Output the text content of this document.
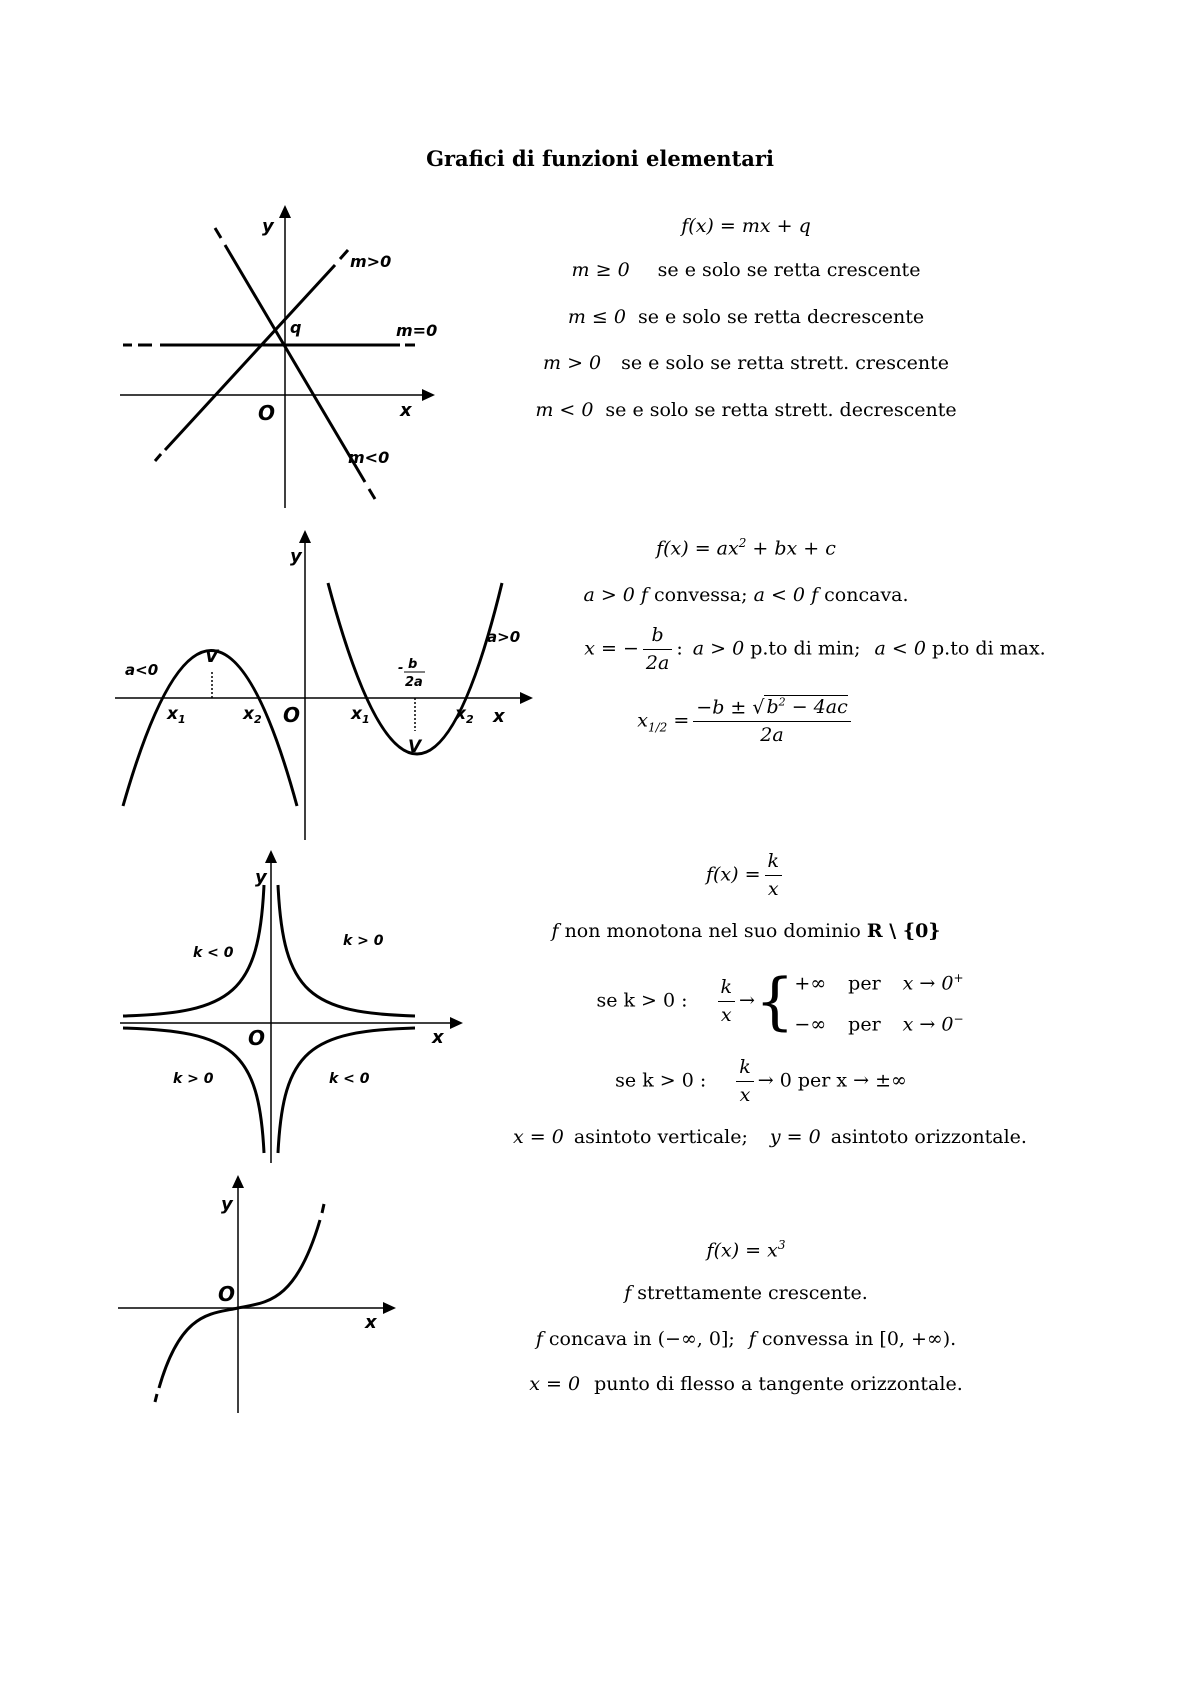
Grafici di funzioni elementari
y
x
O
q
m>0
m=0
m<0
f(x) = mx + q
m ≥ 0 se e solo se retta crescente
m ≤ 0 se e solo se retta decrescente
m > 0 se e solo se retta strett. crescente
m < 0 se e solo se retta strett. decrescente
y
x
O
a<0
a>0
V
V
$x_1$	$x_2$	$x_1$	$x_2$
- b
2a
$f(x) = ax^2$ + bx + c
a > 0 f convessa; a < 0 f concava.
x = − $\frac{b}{2a}$ : a > 0 p.to di min; a < 0 p.to di max.
$x_{1/2} = \frac{-b \pm √ b^2 - 4ac}{2a}$
y
x
O
k < 0
k > 0
k > 0	k < 0
$f(x) = \frac{k}{x}$
f non monotona nel suo dominio R \ {0}
se k > 0 : $\frac{k}{x}$ →{ +∞ per x → 0+
−∞ per x → 0−
se k > 0 : $\frac{k}{x} \to 0$ per x → ±∞
x = 0 asintoto verticale; y = 0 asintoto orizzontale.
y
x
O
$f(x) = x^3$
f strettamente crescente.
f concava in (−∞, 0]; f convessa in [0, +∞).
x = 0 punto di flesso a tangente orizzontale.
